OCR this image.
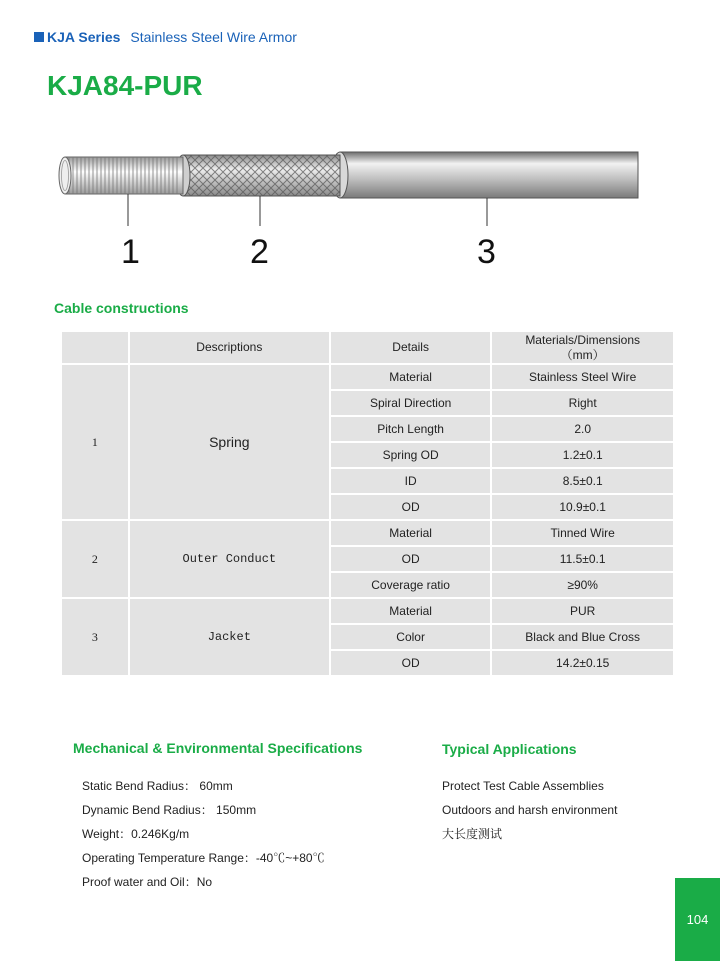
KJA Series Stainless Steel Wire Armor
KJA84-PUR
1	2	3
Cable constructions
	Descriptions	Details	Materials/Dimensions
（mm）
1	Spring	Material	Stainless Steel Wire
		Spiral Direction	Right
		Pitch Length	2.0
		Spring OD	1.2±0.1
		ID	8.5±0.1
		OD	10.9±0.1
2	Outer Conduct	Material	Tinned Wire
		OD	11.5±0.1
		Coverage ratio	≥90%
3	Jacket	Material	PUR
		Color	Black and Blue Cross
		OD	14.2±0.15
Mechanical & Environmental Specifications	Typical Applications
Static Bend Radius： 60mm
Dynamic Bend Radius： 150mm
Weight：0.246Kg/m
Operating Temperature Range：-40℃~+80℃
Proof water and Oil：No
Protect Test Cable Assemblies
Outdoors and harsh environment
大长度测试
104
